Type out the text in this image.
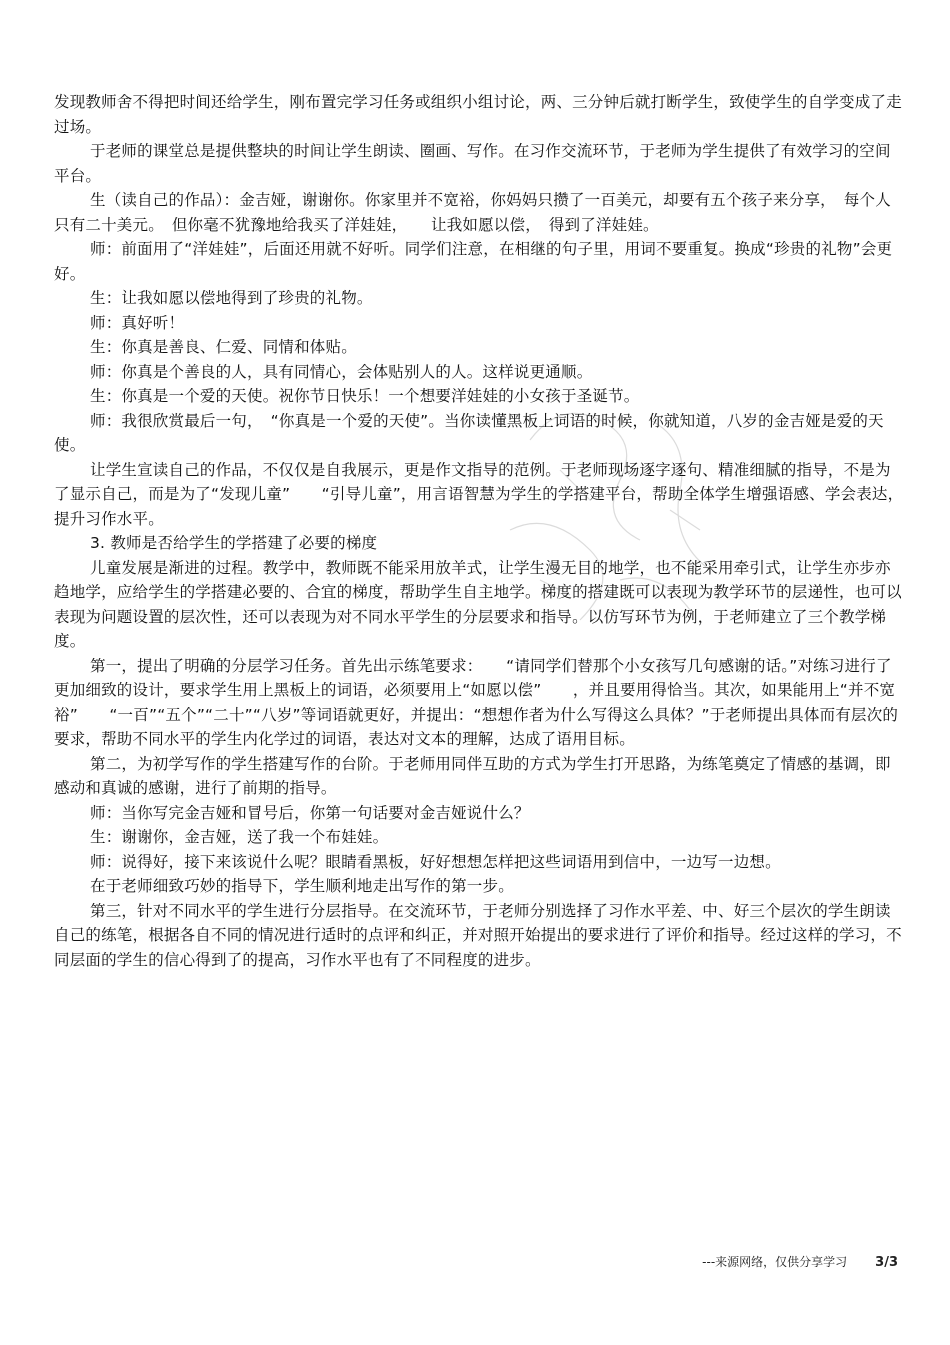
发现教师舍不得把时间还给学生，刚布置完学习任务或组织小组讨论，两、三分钟后就打断学生，致使学生的自学变成了走过场。

于老师的课堂总是提供整块的时间让学生朗读、圈画、写作。在习作交流环节，于老师为学生提供了有效学习的空间平台。

生（读自己的作品）：金吉娅，谢谢你。你家里并不宽裕，你妈妈只攒了一百美元，却要有五个孩子来分享，　每个人只有二十美元。　但你毫不犹豫地给我买了洋娃娃，　　让我如愿以偿，　得到了洋娃娃。

师：前面用了“洋娃娃”，后面还用就不好听。同学们注意，在相继的句子里，用词不要重复。换成“珍贵的礼物”会更好。

生：让我如愿以偿地得到了珍贵的礼物。

师：真好听！

生：你真是善良、仁爱、同情和体贴。

师：你真是个善良的人，具有同情心，会体贴别人的人。这样说更通顺。

生：你真是一个爱的天使。祝你节日快乐！一个想要洋娃娃的小女孩于圣诞节。

师：我很欣赏最后一句，　“你真是一个爱的天使”。当你读懂黑板上词语的时候，你就知道，八岁的金吉娅是爱的天使。

让学生宣读自己的作品，不仅仅是自我展示，更是作文指导的范例。于老师现场逐字逐句、精准细腻的指导，不是为了显示自己，而是为了“发现儿童”　　“引导儿童”，用言语智慧为学生的学搭建平台，帮助全体学生增强语感、学会表达，提升习作水平。

3. 教师是否给学生的学搭建了必要的梯度

儿童发展是渐进的过程。教学中，教师既不能采用放羊式，让学生漫无目的地学，也不能采用牵引式，让学生亦步亦趋地学，应给学生的学搭建必要的、合宜的梯度，帮助学生自主地学。梯度的搭建既可以表现为教学环节的层递性，也可以表现为问题设置的层次性，还可以表现为对不同水平学生的分层要求和指导。以仿写环节为例，于老师建立了三个教学梯度。

第一，提出了明确的分层学习任务。首先出示练笔要求：　　“请同学们替那个小女孩写几句感谢的话。”对练习进行了更加细致的设计，要求学生用上黑板上的词语，必须要用上“如愿以偿”　　，并且要用得恰当。其次，如果能用上“并不宽裕”　　“一百”“五个”“二十”“八岁”等词语就更好，并提出：“想想作者为什么写得这么具体？”于老师提出具体而有层次的要求，帮助不同水平的学生内化学过的词语，表达对文本的理解，达成了语用目标。

第二，为初学写作的学生搭建写作的台阶。于老师用同伴互助的方式为学生打开思路，为练笔奠定了情感的基调，即感动和真诚的感谢，进行了前期的指导。

师：当你写完金吉娅和冒号后，你第一句话要对金吉娅说什么？

生：谢谢你，金吉娅，送了我一个布娃娃。

师：说得好，接下来该说什么呢？眼睛看黑板，好好想想怎样把这些词语用到信中，一边写一边想。

在于老师细致巧妙的指导下，学生顺利地走出写作的第一步。

第三，针对不同水平的学生进行分层指导。在交流环节，于老师分别选择了习作水平差、中、好三个层次的学生朗读自己的练笔，根据各自不同的情况进行适时的点评和纠正，并对照开始提出的要求进行了评价和指导。经过这样的学习，不同层面的学生的信心得到了的提高，习作水平也有了不同程度的进步。

---来源网络，仅供分享学习 3/3
